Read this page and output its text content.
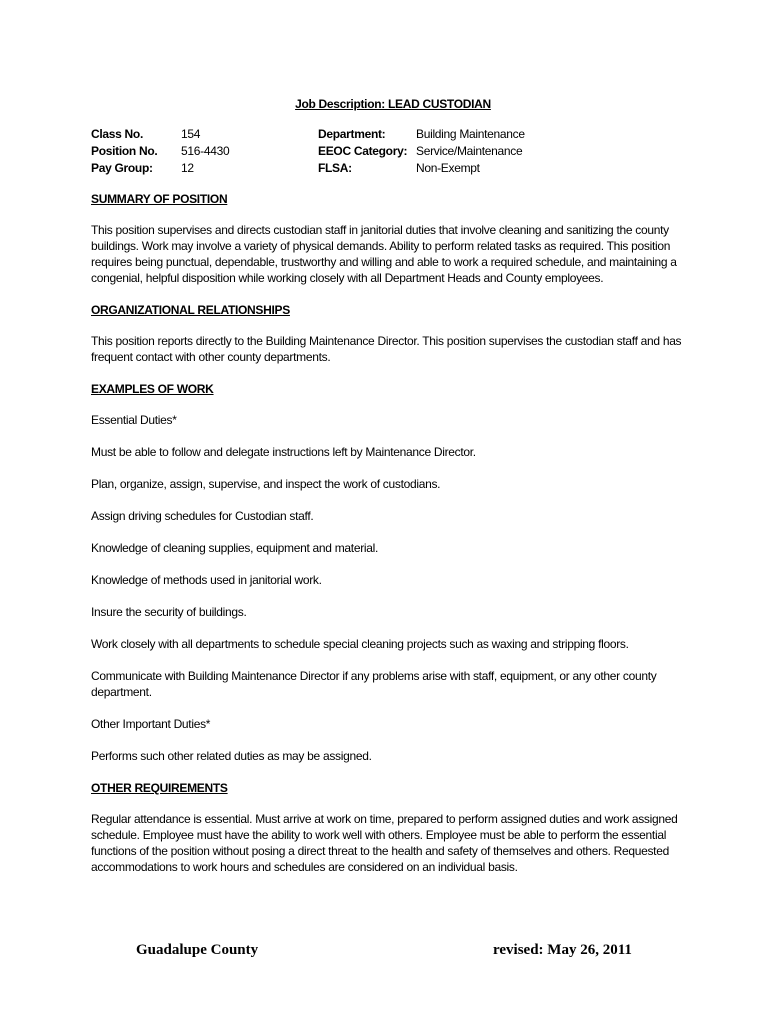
Job Description: LEAD CUSTODIAN
Class No.	154	Department:	Building Maintenance
Position No.	516-4430	EEOC Category: Service/Maintenance
Pay Group:	12	FLSA:	Non-Exempt
SUMMARY OF POSITION

This position supervises and directs custodian staff in janitorial duties that involve cleaning and sanitizing the county buildings. Work may involve a variety of physical demands. Ability to perform related tasks as required. This position requires being punctual, dependable, trustworthy and willing and able to work a required schedule, and maintaining a congenial, helpful disposition while working closely with all Department Heads and County employees.

ORGANIZATIONAL RELATIONSHIPS

This position reports directly to the Building Maintenance Director. This position supervises the custodian staff and has frequent contact with other county departments.

EXAMPLES OF WORK

Essential Duties*

Must be able to follow and delegate instructions left by Maintenance Director.

Plan, organize, assign, supervise, and inspect the work of custodians.

Assign driving schedules for Custodian staff.

Knowledge of cleaning supplies, equipment and material.

Knowledge of methods used in janitorial work.

Insure the security of buildings.

Work closely with all departments to schedule special cleaning projects such as waxing and stripping floors.

Communicate with Building Maintenance Director if any problems arise with staff, equipment, or any other county department.

Other Important Duties*

Performs such other related duties as may be assigned.

OTHER REQUIREMENTS

Regular attendance is essential. Must arrive at work on time, prepared to perform assigned duties and work assigned schedule. Employee must have the ability to work well with others. Employee must be able to perform the essential functions of the position without posing a direct threat to the health and safety of themselves and others. Requested accommodations to work hours and schedules are considered on an individual basis.

Guadalupe County	revised: May 26, 2011
